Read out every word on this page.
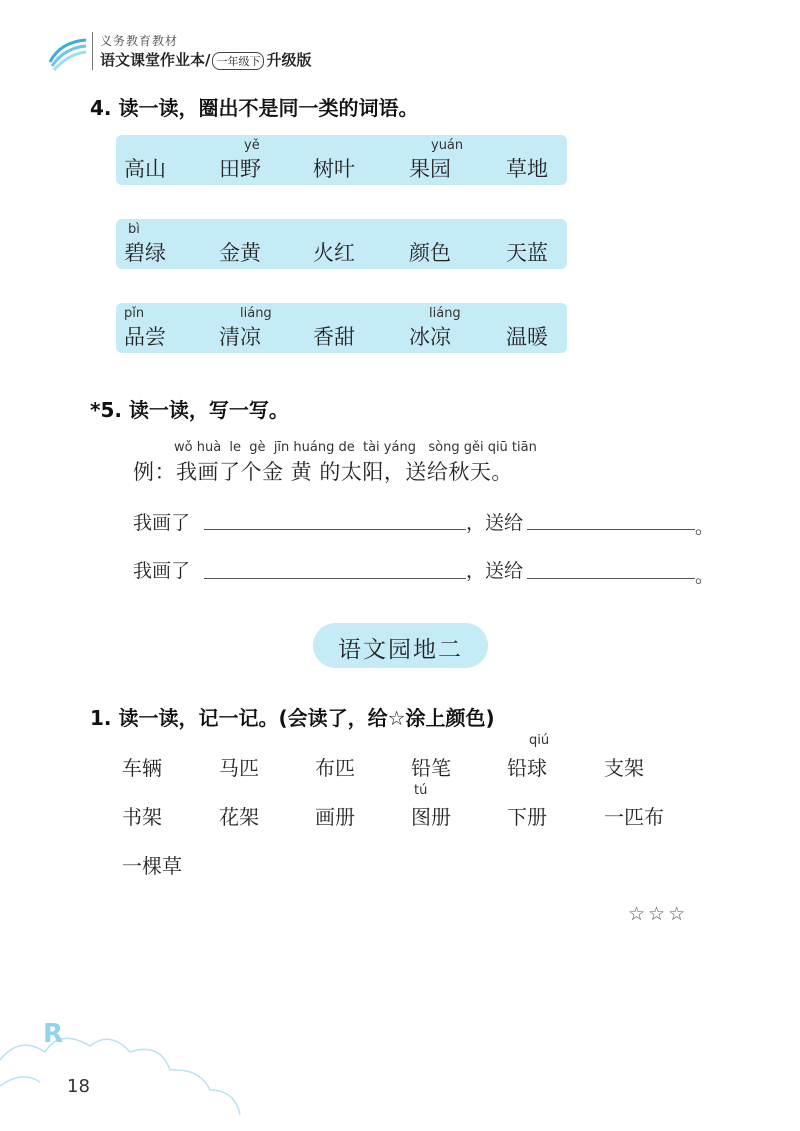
义务教育教材
语文课堂作业本/ 一年级下 升级版
4. 读一读，圈出不是同一类的词语。
yě	yuán
高山	田野	树叶	果园	草地
bì
碧绿	金黄	火红	颜色	天蓝
pǐn	liáng	liáng
品尝	清凉	香甜	冰凉	温暖
*5. 读一读，写一写。
wǒ huà  le  gè  jīn huáng de  tài yáng   sòng gěi qiū tiān
例：我画了个金 黄 的太阳，送给秋天。
我画了	，送给	。
我画了	，送给	。
语文园地二
1. 读一读，记一记。(会读了，给☆涂上颜色)
qiú
车辆	马匹	布匹	铅笔	铅球	支架
tú
书架	花架	画册	图册	下册	一匹布
一棵草
☆☆☆
R
18
